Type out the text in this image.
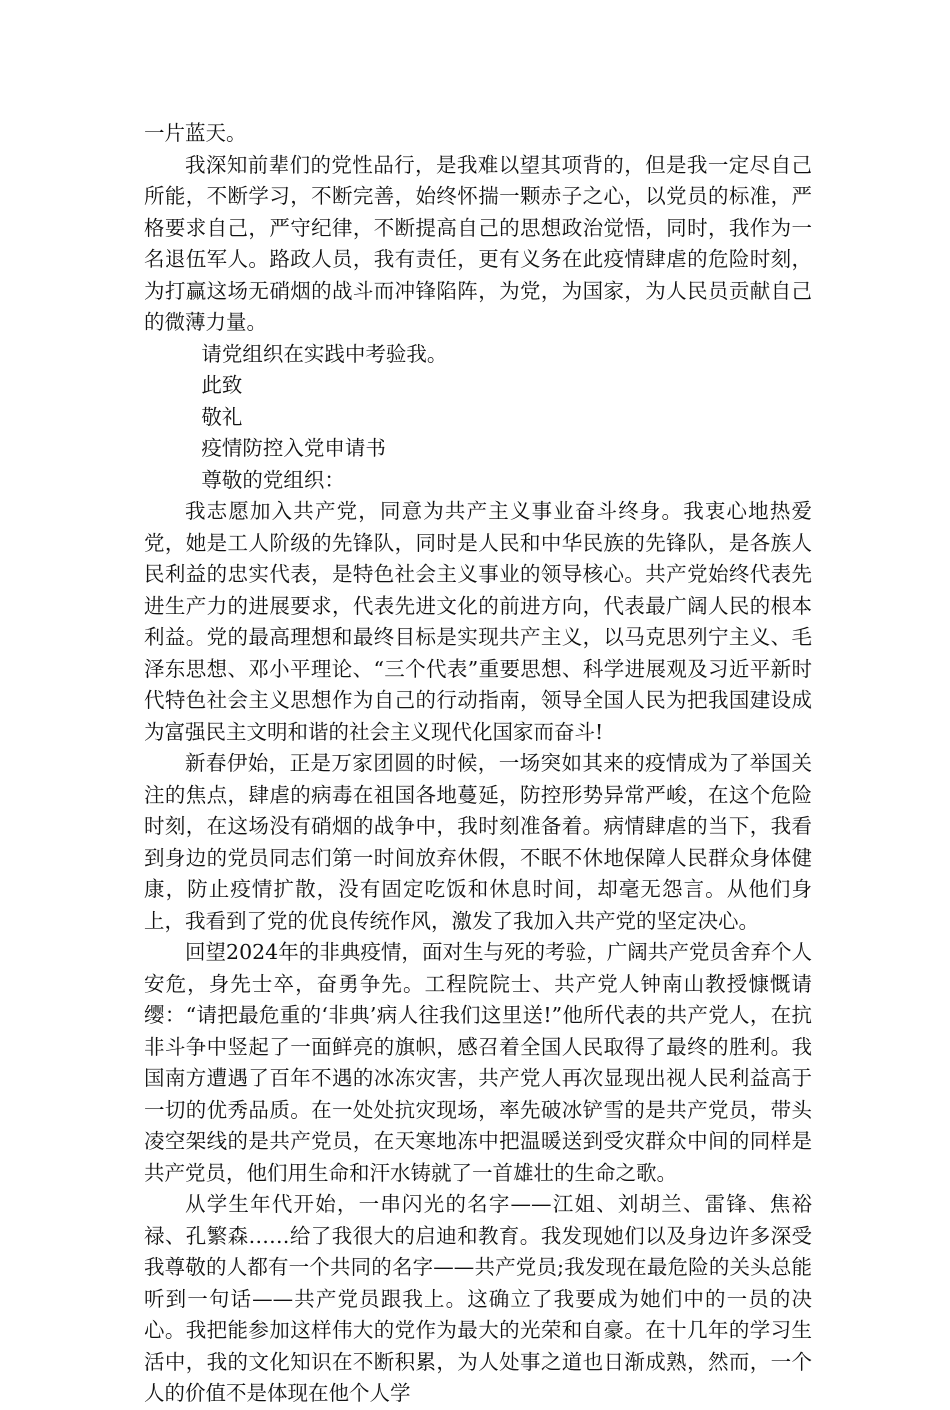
一片蓝天。

我深知前辈们的党性品行，是我难以望其项背的，但是我一定尽自己所能，不断学习，不断完善，始终怀揣一颗赤子之心，以党员的标准，严格要求自己，严守纪律，不断提高自己的思想政治觉悟，同时，我作为一名退伍军人。路政人员，我有责任，更有义务在此疫情肆虐的危险时刻，为打赢这场无硝烟的战斗而冲锋陷阵，为党，为国家，为人民员贡献自己的微薄力量。

请党组织在实践中考验我。

此致

敬礼

疫情防控入党申请书

尊敬的党组织：

我志愿加入共产党，同意为共产主义事业奋斗终身。我衷心地热爱党，她是工人阶级的先锋队，同时是人民和中华民族的先锋队，是各族人民利益的忠实代表，是特色社会主义事业的领导核心。共产党始终代表先进生产力的进展要求，代表先进文化的前进方向，代表最广阔人民的根本利益。党的最高理想和最终目标是实现共产主义，以马克思列宁主义、毛泽东思想、邓小平理论、“三个代表”重要思想、科学进展观及习近平新时代特色社会主义思想作为自己的行动指南，领导全国人民为把我国建设成为富强民主文明和谐的社会主义现代化国家而奋斗!

新春伊始，正是万家团圆的时候，一场突如其来的疫情成为了举国关注的焦点，肆虐的病毒在祖国各地蔓延，防控形势异常严峻，在这个危险时刻，在这场没有硝烟的战争中，我时刻准备着。病情肆虐的当下，我看到身边的党员同志们第一时间放弃休假，不眠不休地保障人民群众身体健康，防止疫情扩散，没有固定吃饭和休息时间，却毫无怨言。从他们身上，我看到了党的优良传统作风，激发了我加入共产党的坚定决心。

回望2024年的非典疫情，面对生与死的考验，广阔共产党员舍弃个人安危，身先士卒，奋勇争先。工程院院士、共产党人钟南山教授慷慨请缨：“请把最危重的‘非典’病人往我们这里送!”他所代表的共产党人，在抗非斗争中竖起了一面鲜亮的旗帜，感召着全国人民取得了最终的胜利。我国南方遭遇了百年不遇的冰冻灾害，共产党人再次显现出视人民利益高于一切的优秀品质。在一处处抗灾现场，率先破冰铲雪的是共产党员，带头凌空架线的是共产党员，在天寒地冻中把温暖送到受灾群众中间的同样是共产党员，他们用生命和汗水铸就了一首雄壮的生命之歌。

从学生年代开始，一串闪光的名字——江姐、刘胡兰、雷锋、焦裕禄、孔繁森……给了我很大的启迪和教育。我发现她们以及身边许多深受我尊敬的人都有一个共同的名字——共产党员;我发现在最危险的关头总能听到一句话——共产党员跟我上。这确立了我要成为她们中的一员的决心。我把能参加这样伟大的党作为最大的光荣和自豪。在十几年的学习生活中，我的文化知识在不断积累，为人处事之道也日渐成熟，然而，一个人的价值不是体现在他个人学
